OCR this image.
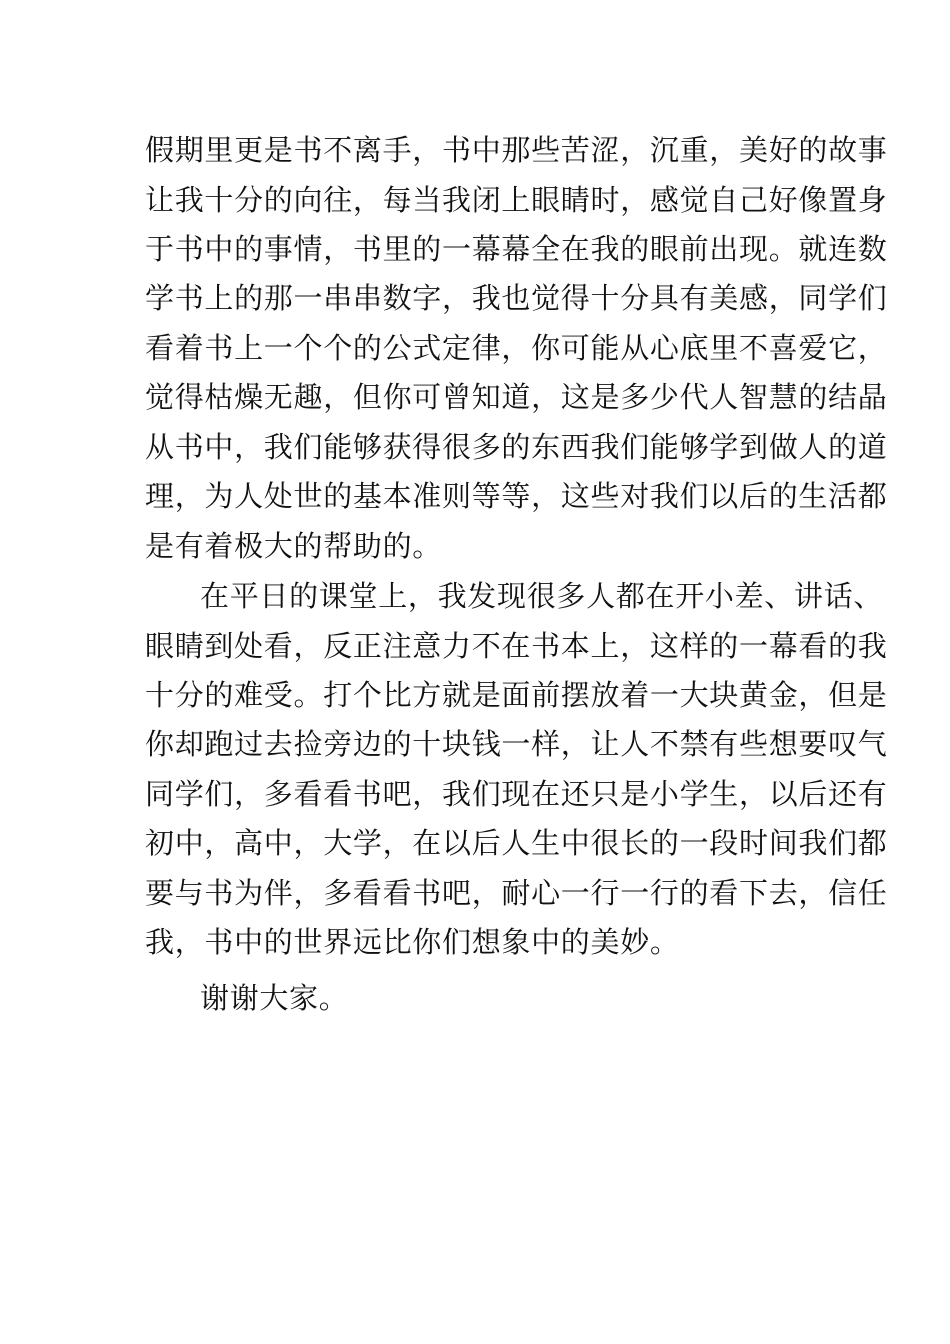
假期里更是书不离手，书中那些苦涩，沉重，美好的故事
让我十分的向往，每当我闭上眼睛时，感觉自己好像置身
于书中的事情，书里的一幕幕全在我的眼前出现。就连数
学书上的那一串串数字，我也觉得十分具有美感，同学们
看着书上一个个的公式定律，你可能从心底里不喜爱它，
觉得枯燥无趣，但你可曾知道，这是多少代人智慧的结晶
从书中，我们能够获得很多的东西我们能够学到做人的道
理，为人处世的基本准则等等，这些对我们以后的生活都
是有着极大的帮助的。
在平日的课堂上，我发现很多人都在开小差、讲话、
眼睛到处看，反正注意力不在书本上，这样的一幕看的我
十分的难受。打个比方就是面前摆放着一大块黄金，但是
你却跑过去捡旁边的十块钱一样，让人不禁有些想要叹气
同学们，多看看书吧，我们现在还只是小学生，以后还有
初中，高中，大学，在以后人生中很长的一段时间我们都
要与书为伴，多看看书吧，耐心一行一行的看下去，信任
我，书中的世界远比你们想象中的美妙。
谢谢大家。
